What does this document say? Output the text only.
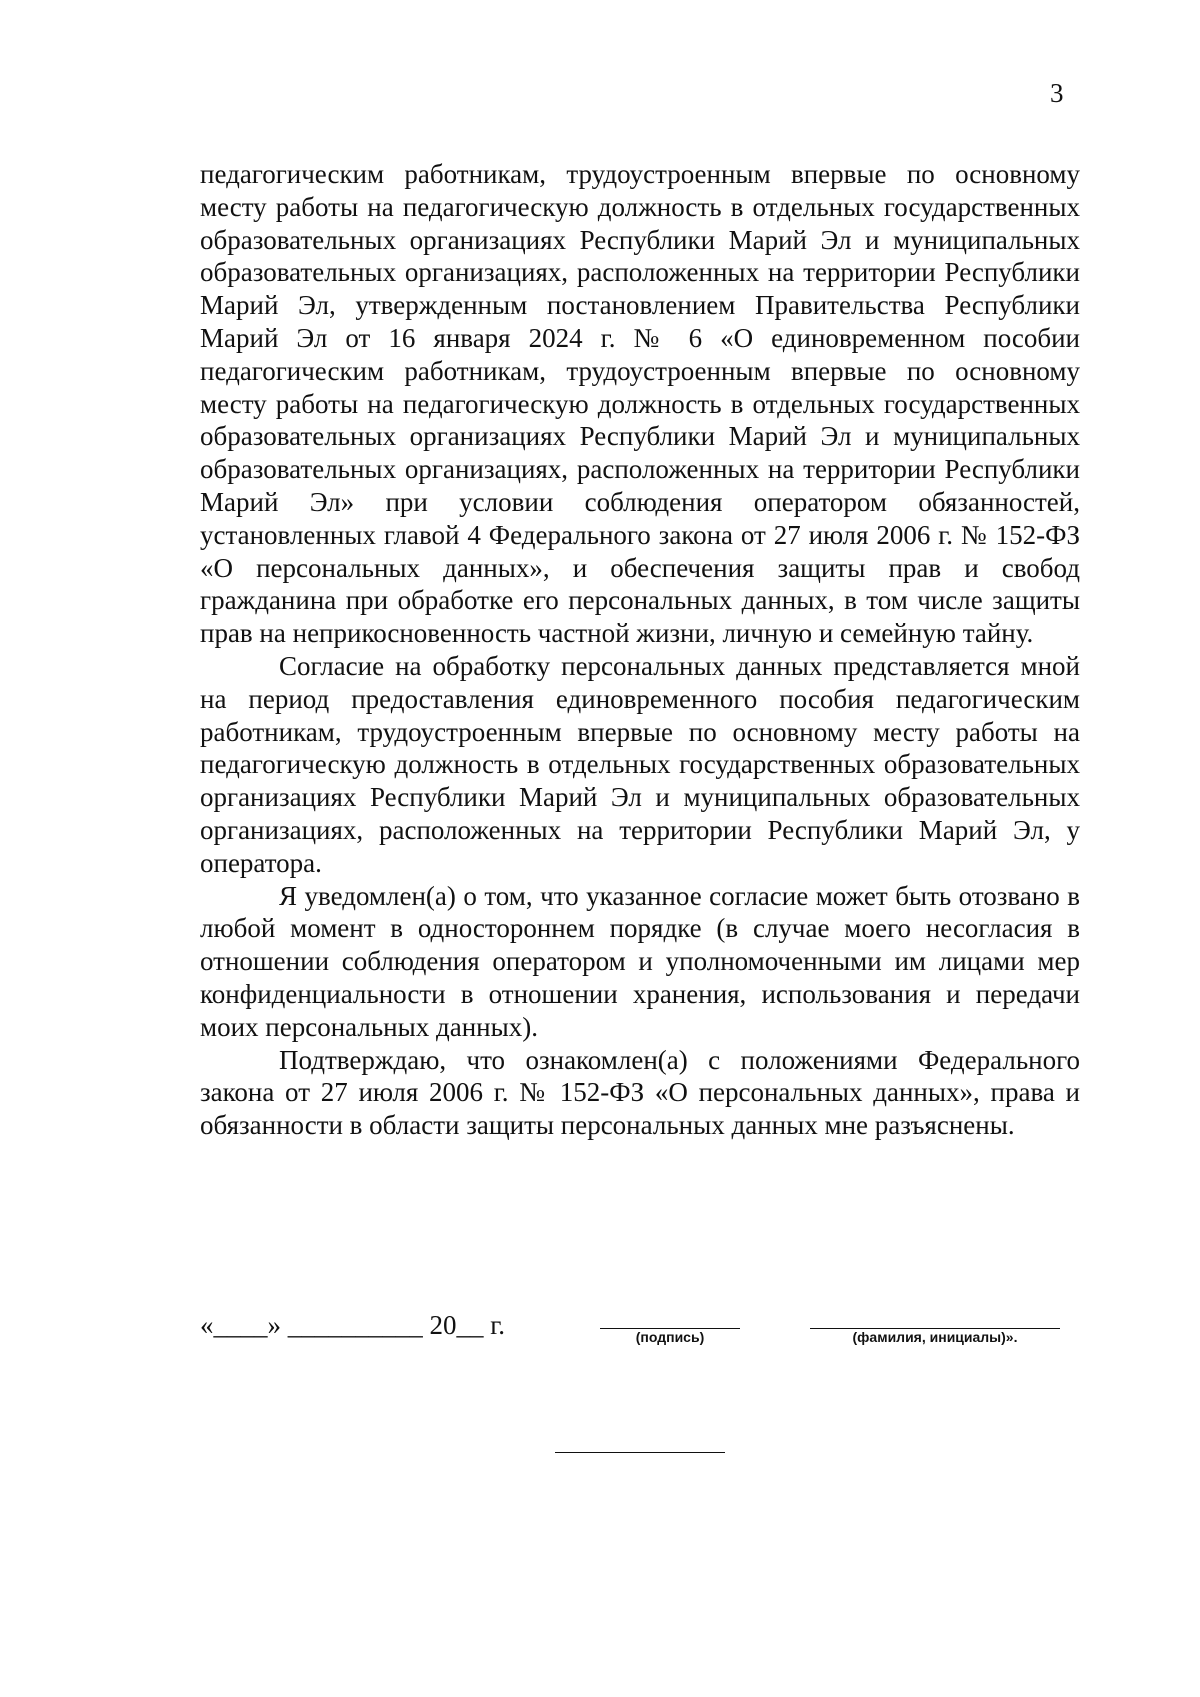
3

педагогическим работникам, трудоустроенным впервые по основному месту работы на педагогическую должность в отдельных государственных образовательных организациях Республики Марий Эл и муниципальных образовательных организациях, расположенных на территории Республики Марий Эл, утвержденным постановлением Правительства Республики Марий Эл от 16 января 2024 г. № 6 «О единовременном пособии педагогическим работникам, трудоустроенным впервые по основному месту работы на педагогическую должность в отдельных государственных образовательных организациях Республики Марий Эл и муниципальных образовательных организациях, расположенных на территории Республики Марий Эл» при условии соблюдения оператором обязанностей, установленных главой 4 Федерального закона от 27 июля 2006 г. № 152-ФЗ «О персональных данных», и обеспечения защиты прав и свобод гражданина при обработке его персональных данных, в том числе защиты прав на неприкосновенность частной жизни, личную и семейную тайну.

Согласие на обработку персональных данных представляется мной на период предоставления единовременного пособия педагогическим работникам, трудоустроенным впервые по основному месту работы на педагогическую должность в отдельных государственных образовательных организациях Республики Марий Эл и муниципальных образовательных организациях, расположенных на территории Республики Марий Эл, у оператора.

Я уведомлен(а) о том, что указанное согласие может быть отозвано в любой момент в одностороннем порядке (в случае моего несогласия в отношении соблюдения оператором и уполномоченными им лицами мер конфиденциальности в отношении хранения, использования и передачи моих персональных данных).

Подтверждаю, что ознакомлен(а) с положениями Федерального закона от 27 июля 2006 г. № 152-ФЗ «О персональных данных», права и обязанности в области защиты персональных данных мне разъяснены.

«____» __________ 20__ г.	(подпись)	(фамилия, инициалы)».
